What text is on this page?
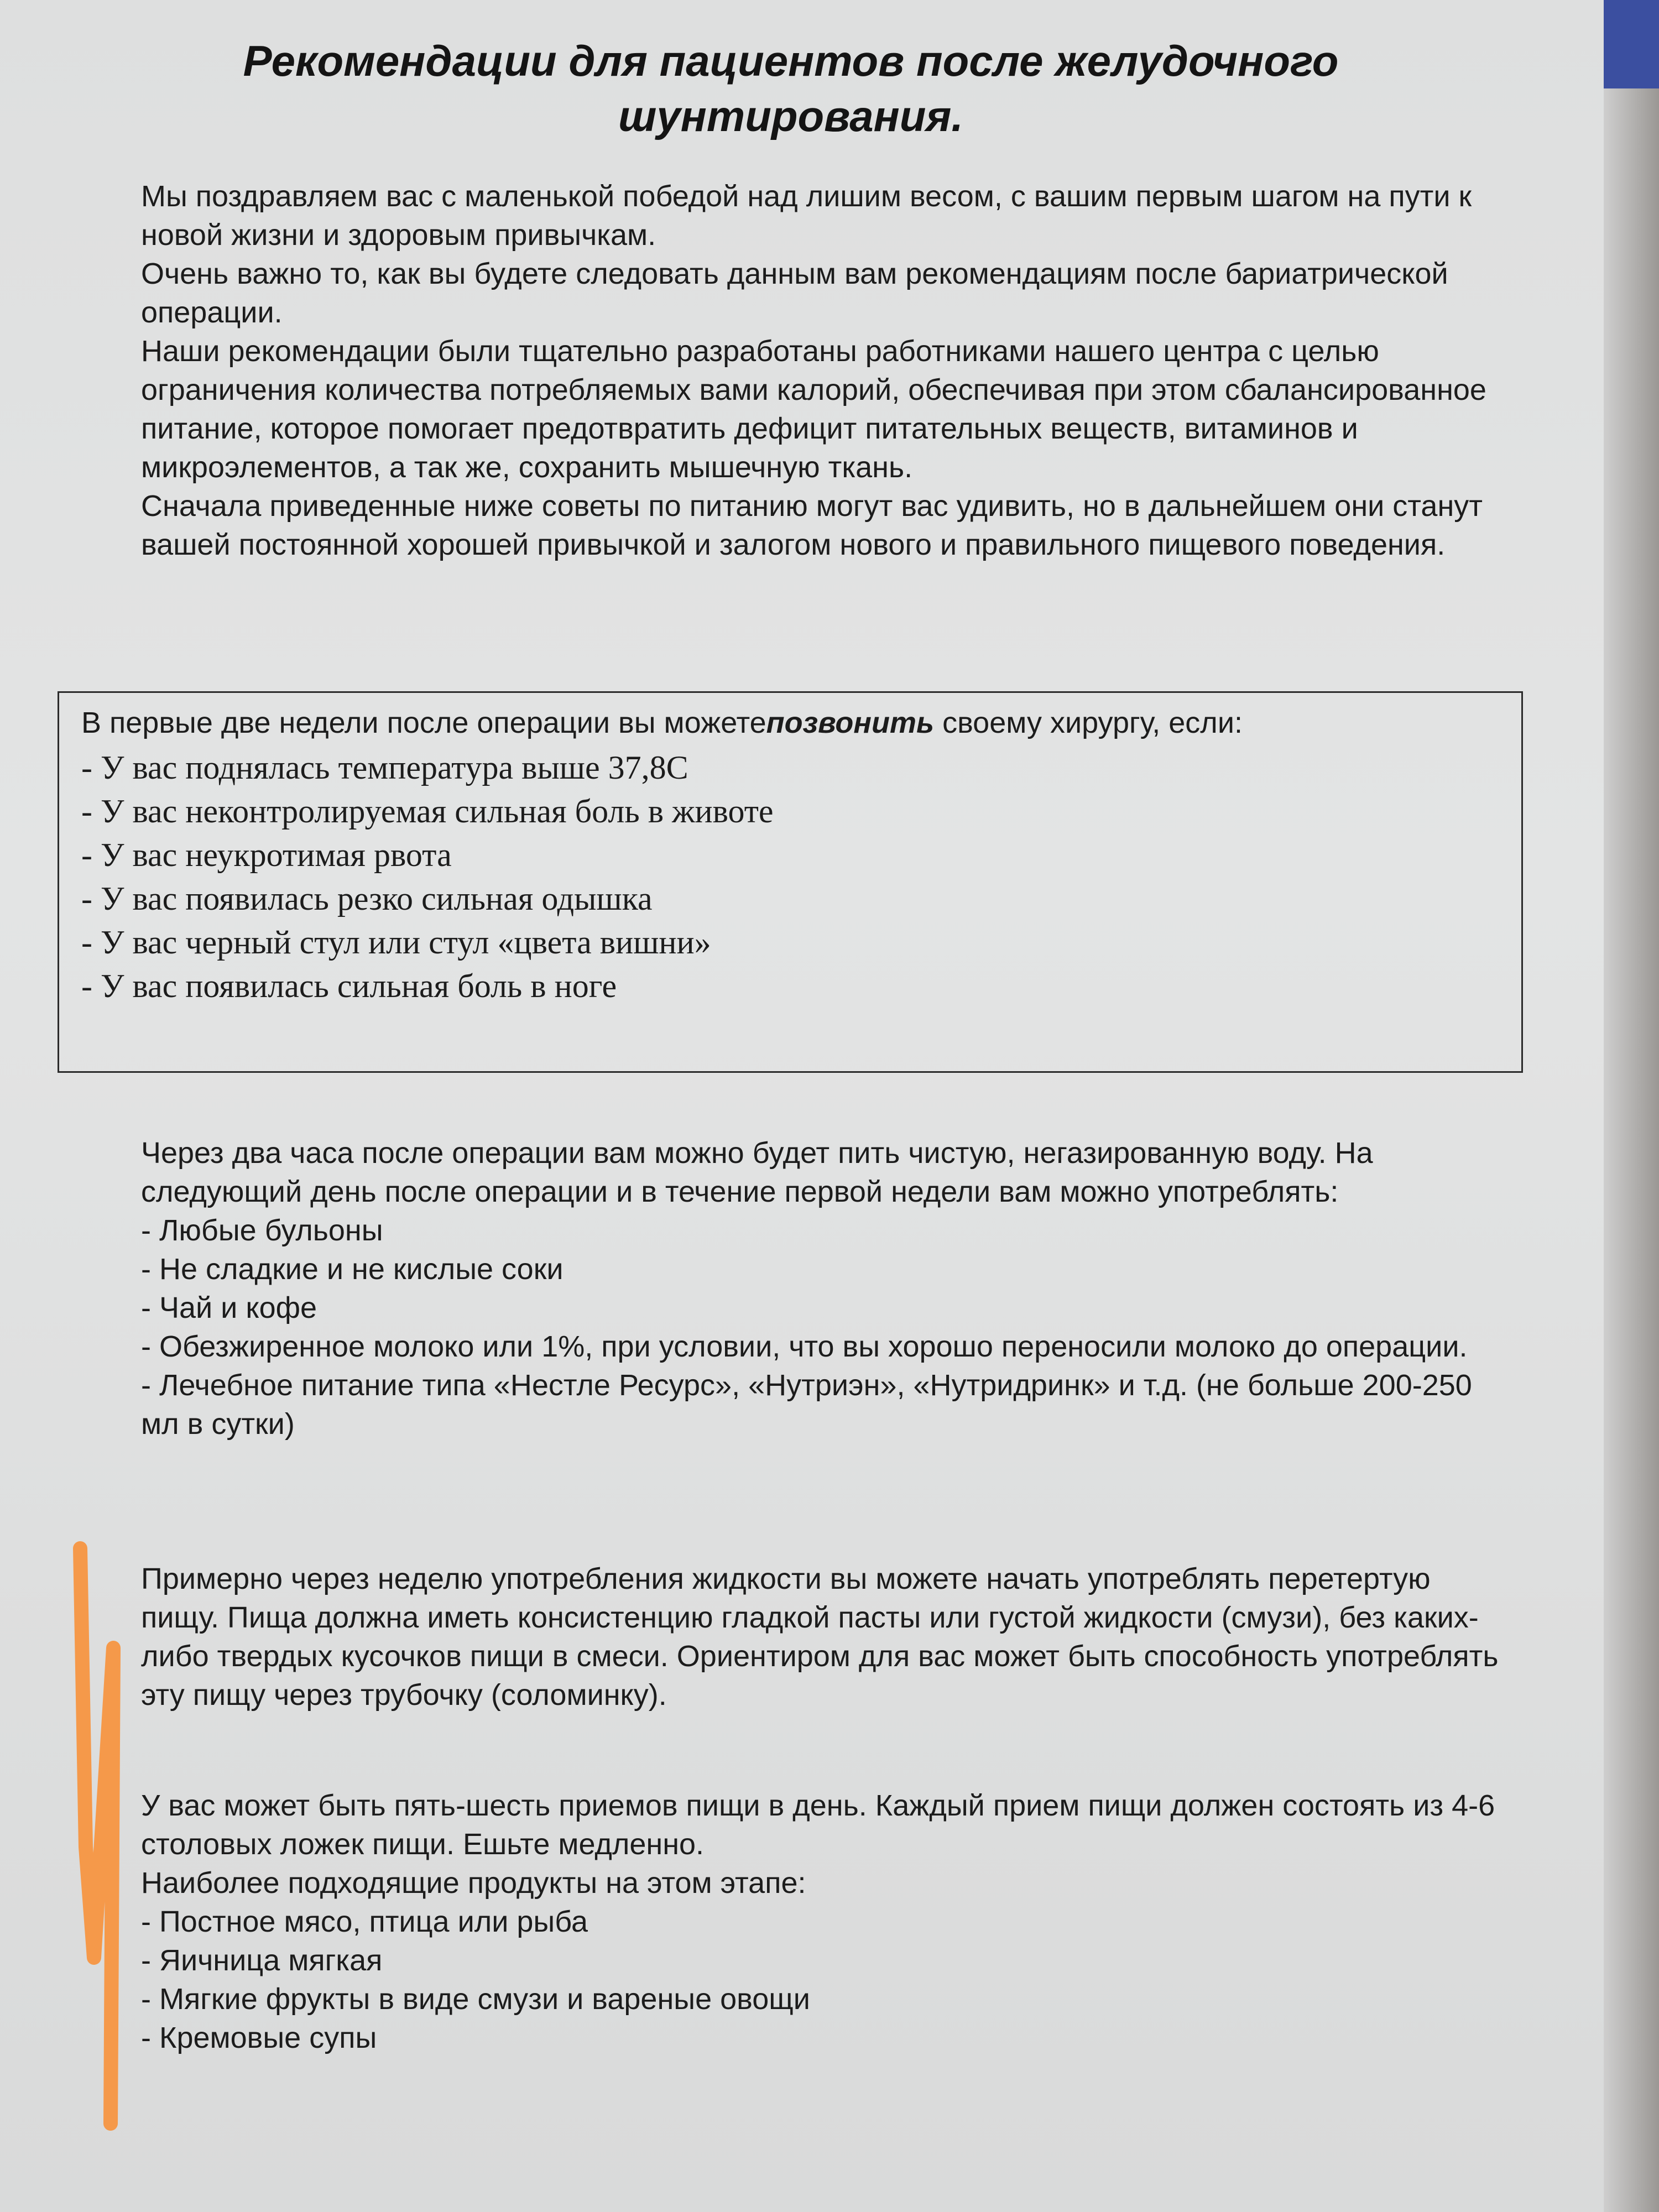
Рекомендации для пациентов после желудочного шунтирования.

Мы поздравляем вас с маленькой победой над лишим весом, с вашим первым шагом на пути к новой жизни и здоровым привычкам.

Очень важно то, как вы будете следовать данным вам рекомендациям после бариатрической операции.

Наши рекомендации были тщательно разработаны работниками нашего центра с целью ограничения количества потребляемых вами калорий, обеспечивая при этом сбалансированное питание, которое помогает предотвратить дефицит питательных веществ, витаминов и микроэлементов, а так же, сохранить мышечную ткань.

Сначала приведенные ниже советы по питанию могут вас удивить, но в дальнейшем они станут вашей постоянной хорошей привычкой и залогом нового и правильного пищевого поведения.

В первые две недели после операции вы можетепозвонить своему хирургу, если:

- У вас поднялась температура выше 37,8С
- У вас неконтролируемая сильная боль в животе
- У вас неукротимая рвота
- У вас появилась резко сильная одышка
- У вас черный стул или стул «цвета вишни»
- У вас появилась сильная боль в ноге

Через два часа после операции вам можно будет пить чистую, негазированную воду. На следующий день после операции и в течение первой недели вам можно употреблять:

- Любые бульоны
- Не сладкие и не кислые соки
- Чай и кофе
- Обезжиренное молоко или 1%, при условии, что вы хорошо переносили молоко до операции.
- Лечебное питание типа «Нестле Ресурс», «Нутриэн», «Нутридринк» и т.д. (не больше 200-250 мл в сутки)

Примерно через неделю употребления жидкости вы можете начать употреблять перетертую пищу. Пища должна иметь консистенцию гладкой пасты или густой жидкости (смузи), без каких-либо твердых кусочков пищи в смеси. Ориентиром для вас может быть способность употреблять эту пищу через трубочку (соломинку).

У вас может быть пять-шесть приемов пищи в день. Каждый прием пищи должен состоять из 4-6 столовых ложек пищи. Ешьте медленно.

Наиболее подходящие продукты на этом этапе:

- Постное мясо, птица или рыба
- Яичница мягкая
- Мягкие фрукты в виде смузи и вареные овощи
- Кремовые супы
